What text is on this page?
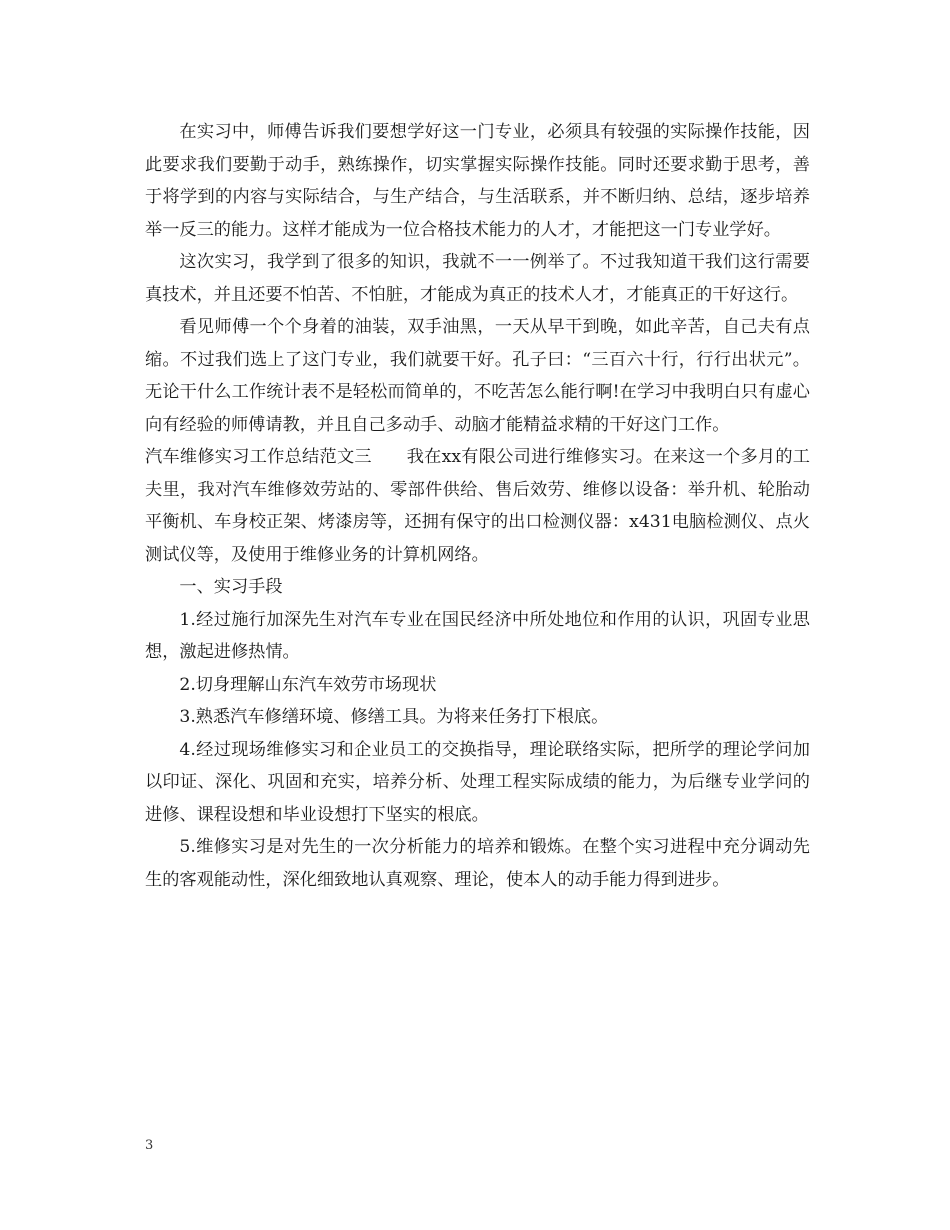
在实习中，师傅告诉我们要想学好这一门专业，必须具有较强的实际操作技能，因此要求我们要勤于动手，熟练操作，切实掌握实际操作技能。同时还要求勤于思考，善于将学到的内容与实际结合，与生产结合，与生活联系，并不断归纳、总结，逐步培养举一反三的能力。这样才能成为一位合格技术能力的人才，才能把这一门专业学好。

这次实习，我学到了很多的知识，我就不一一例举了。不过我知道干我们这行需要真技术，并且还要不怕苦、不怕脏，才能成为真正的技术人才，才能真正的干好这行。

看见师傅一个个身着的油装，双手油黑，一天从早干到晚，如此辛苦，自己夫有点缩。不过我们选上了这门专业，我们就要干好。孔子曰：“三百六十行，行行出状元”。无论干什么工作统计表不是轻松而简单的，不吃苦怎么能行啊!在学习中我明白只有虚心向有经验的师傅请教，并且自己多动手、动脑才能精益求精的干好这门工作。

汽车维修实习工作总结范文三　　我在xx有限公司进行维修实习。在来这一个多月的工夫里，我对汽车维修效劳站的、零部件供给、售后效劳、维修以设备：举升机、轮胎动平衡机、车身校正架、烤漆房等，还拥有保守的出口检测仪器：x431电脑检测仪、点火测试仪等，及使用于维修业务的计算机网络。

一、实习手段

1.经过施行加深先生对汽车专业在国民经济中所处地位和作用的认识，巩固专业思想，激起进修热情。

2.切身理解山东汽车效劳市场现状

3.熟悉汽车修缮环境、修缮工具。为将来任务打下根底。

4.经过现场维修实习和企业员工的交换指导，理论联络实际，把所学的理论学问加以印证、深化、巩固和充实，培养分析、处理工程实际成绩的能力，为后继专业学问的进修、课程设想和毕业设想打下坚实的根底。

5.维修实习是对先生的一次分析能力的培养和锻炼。在整个实习进程中充分调动先生的客观能动性，深化细致地认真观察、理论，使本人的动手能力得到进步。

3
